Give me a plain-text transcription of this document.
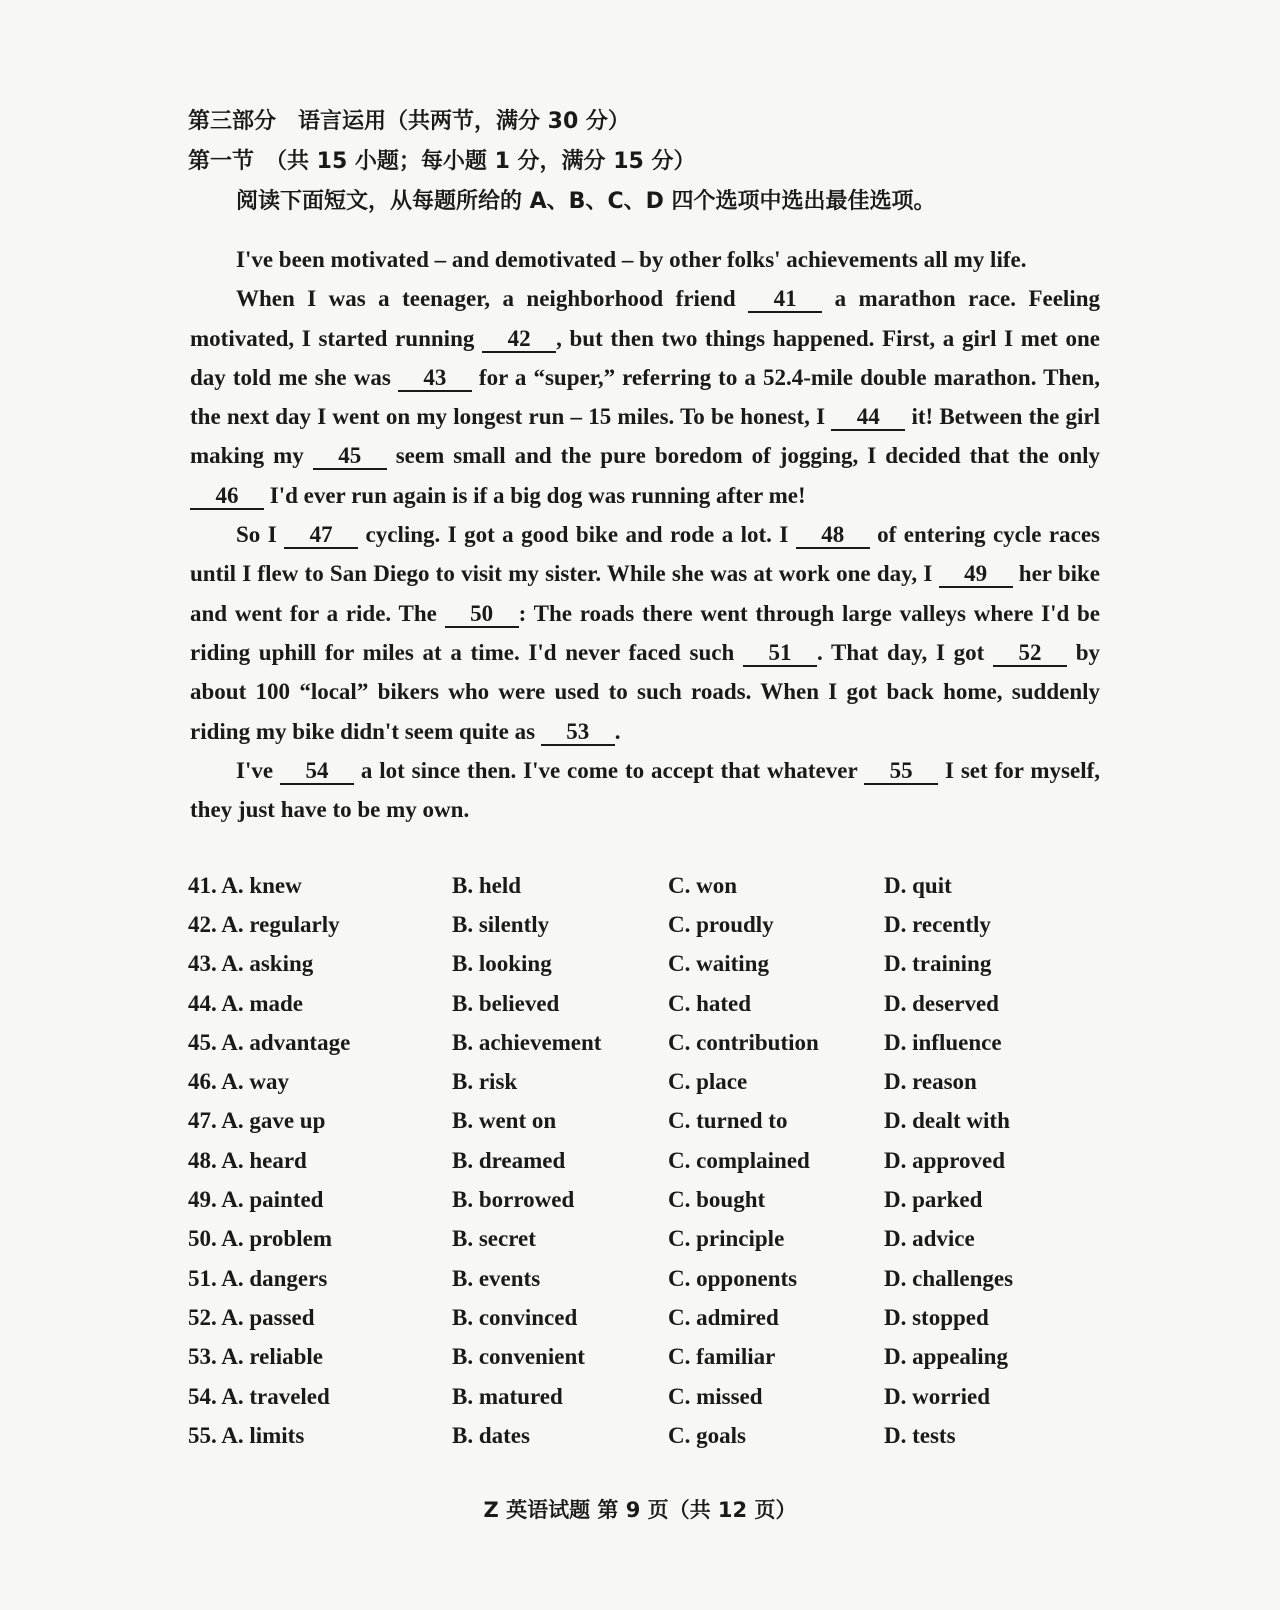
第三部分　语言运用（共两节，满分 30 分）
第一节　（共 15 小题；每小题 1 分，满分 15 分）
阅读下面短文，从每题所给的 A、B、C、D 四个选项中选出最佳选项。

I've been motivated – and demotivated – by other folks' achievements all my life.

When I was a teenager, a neighborhood friend 41 a marathon race. Feeling motivated, I started running 42 , but then two things happened. First, a girl I met one day told me she was 43 for a “super,” referring to a 52.4-mile double marathon. Then, the next day I went on my longest run – 15 miles. To be honest, I 44 it! Between the girl making my 45 seem small and the pure boredom of jogging, I decided that the only 46 I'd ever run again is if a big dog was running after me!

So I 47 cycling. I got a good bike and rode a lot. I 48 of entering cycle races until I flew to San Diego to visit my sister. While she was at work one day, I 49 her bike and went for a ride. The 50 : The roads there went through large valleys where I'd be riding uphill for miles at a time. I'd never faced such 51 . That day, I got 52 by about 100 “local” bikers who were used to such roads. When I got back home, suddenly riding my bike didn't seem quite as 53 .

I've 54 a lot since then. I've come to accept that whatever 55 I set for myself, they just have to be my own.

41. A. knew	B. held	C. won	D. quit
42. A. regularly	B. silently	C. proudly	D. recently
43. A. asking	B. looking	C. waiting	D. training
44. A. made	B. believed	C. hated	D. deserved
45. A. advantage	B. achievement	C. contribution	D. influence
46. A. way	B. risk	C. place	D. reason
47. A. gave up	B. went on	C. turned to	D. dealt with
48. A. heard	B. dreamed	C. complained	D. approved
49. A. painted	B. borrowed	C. bought	D. parked
50. A. problem	B. secret	C. principle	D. advice
51. A. dangers	B. events	C. opponents	D. challenges
52. A. passed	B. convinced	C. admired	D. stopped
53. A. reliable	B. convenient	C. familiar	D. appealing
54. A. traveled	B. matured	C. missed	D. worried
55. A. limits	B. dates	C. goals	D. tests
Z 英语试题 第 9 页（共 12 页）
